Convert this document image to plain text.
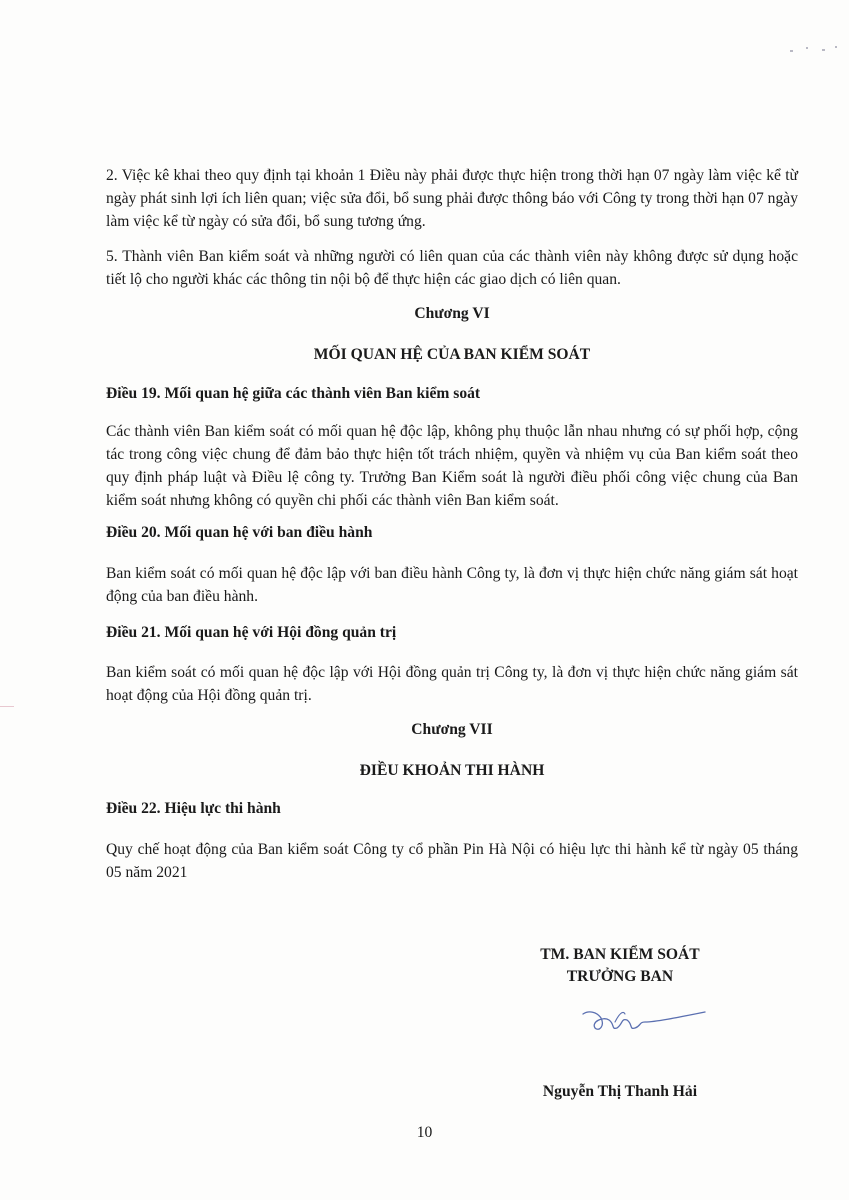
2. Việc kê khai theo quy định tại khoản 1 Điều này phải được thực hiện trong thời hạn 07 ngày làm việc kể từ ngày phát sinh lợi ích liên quan; việc sửa đổi, bổ sung phải được thông báo với Công ty trong thời hạn 07 ngày làm việc kể từ ngày có sửa đổi, bổ sung tương ứng.

5. Thành viên Ban kiểm soát và những người có liên quan của các thành viên này không được sử dụng hoặc tiết lộ cho người khác các thông tin nội bộ để thực hiện các giao dịch có liên quan.

Chương VI

MỐI QUAN HỆ CỦA BAN KIỂM SOÁT

Điều 19. Mối quan hệ giữa các thành viên Ban kiểm soát

Các thành viên Ban kiểm soát có mối quan hệ độc lập, không phụ thuộc lẫn nhau nhưng có sự phối hợp, cộng tác trong công việc chung để đảm bảo thực hiện tốt trách nhiệm, quyền và nhiệm vụ của Ban kiểm soát theo quy định pháp luật và Điều lệ công ty. Trưởng Ban Kiểm soát là người điều phối công việc chung của Ban kiểm soát nhưng không có quyền chi phối các thành viên Ban kiểm soát.

Điều 20. Mối quan hệ với ban điều hành

Ban kiểm soát có mối quan hệ độc lập với ban điều hành Công ty, là đơn vị thực hiện chức năng giám sát hoạt động của ban điều hành.

Điều 21. Mối quan hệ với Hội đồng quản trị

Ban kiểm soát có mối quan hệ độc lập với Hội đồng quản trị Công ty, là đơn vị thực hiện chức năng giám sát hoạt động của Hội đồng quản trị.

Chương VII

ĐIỀU KHOẢN THI HÀNH

Điều 22. Hiệu lực thi hành

Quy chế hoạt động của Ban kiểm soát Công ty cổ phần Pin Hà Nội có hiệu lực thi hành kể từ ngày 05 tháng 05 năm 2021

TM. BAN KIỂM SOÁT

TRƯỞNG BAN

Nguyễn Thị Thanh Hải

10
